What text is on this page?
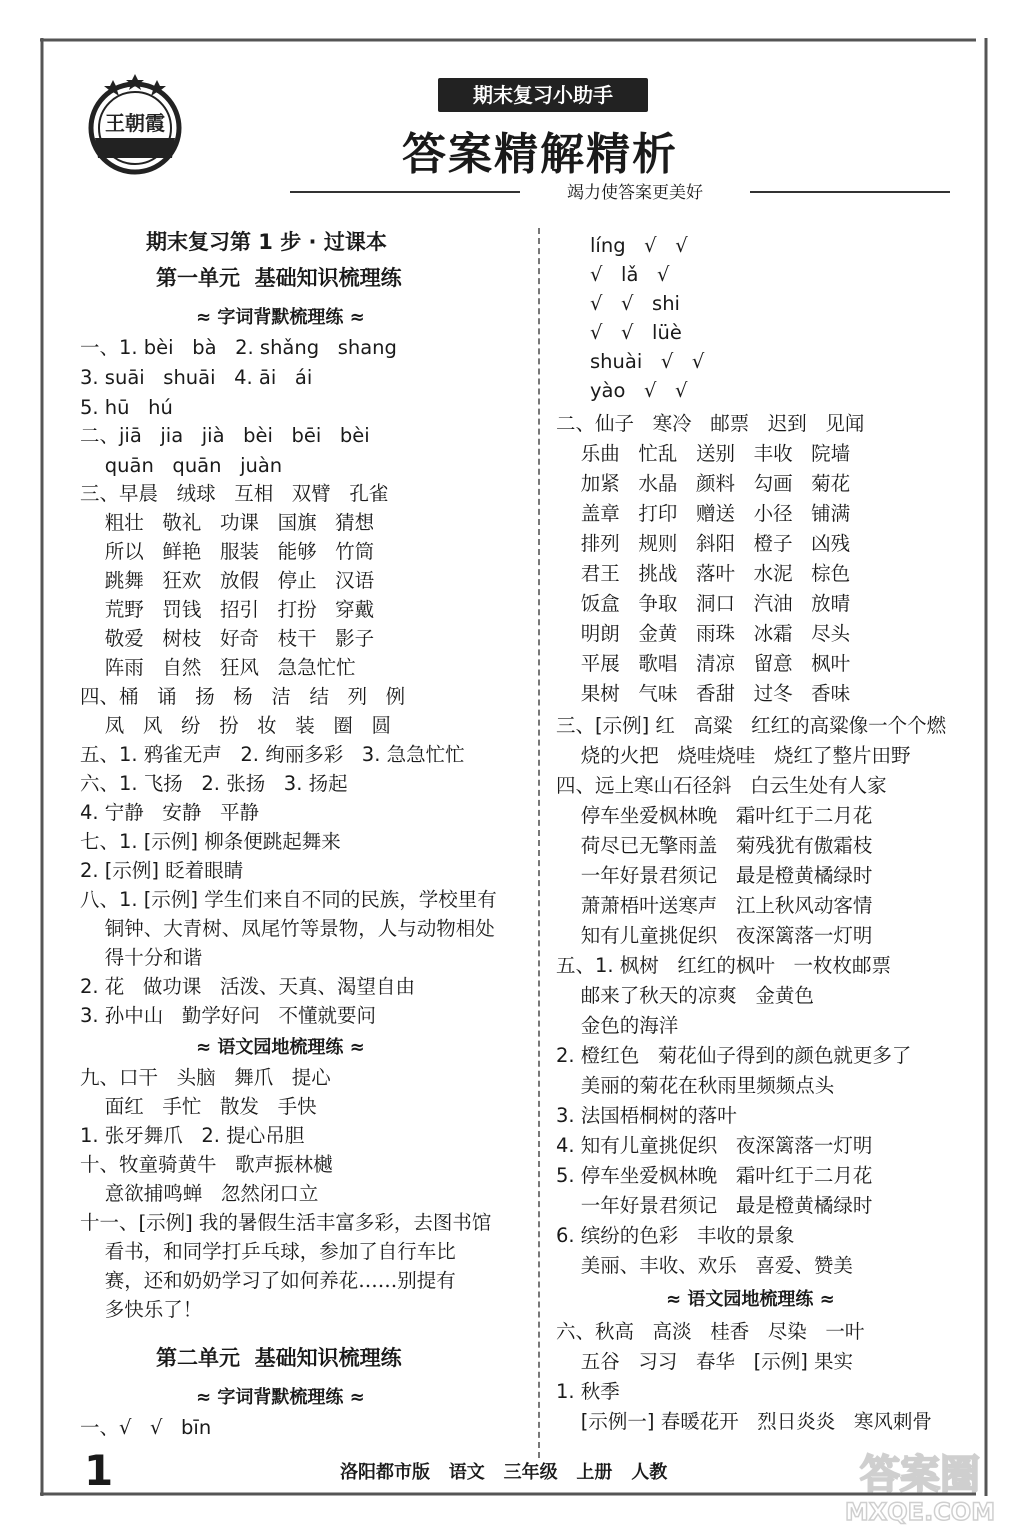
王朝霞
期末复习小助手
答案精解精析
竭力使答案更美好
期末复习第 1 步 · 过课本
第一单元  基础知识梳理练
≈ 字词背默梳理练 ≈
一、1. bèi   bà   2. shǎng   shang
3. suāi   shuāi   4. āi   ái
5. hū   hú
二、jiā   jia   jià   bèi   bēi   bèi
quān   quān   juàn
三、早晨   绒球   互相   双臂   孔雀
粗壮   敬礼   功课   国旗   猜想
所以   鲜艳   服装   能够   竹筒
跳舞   狂欢   放假   停止   汉语
荒野   罚钱   招引   打扮   穿戴
敬爱   树枝   好奇   枝干   影子
阵雨   自然   狂风   急急忙忙
四、桶   诵   扬   杨   洁   结   列   例
凤   风   纷   扮   妆   装   圈   圆
五、1. 鸦雀无声   2. 绚丽多彩   3. 急急忙忙
六、1. 飞扬   2. 张扬   3. 扬起
4. 宁静   安静   平静
七、1. [示例] 柳条便跳起舞来
2. [示例] 眨着眼睛
八、1. [示例] 学生们来自不同的民族，学校里有
铜钟、大青树、凤尾竹等景物，人与动物相处
得十分和谐
2. 花   做功课   活泼、天真、渴望自由
3. 孙中山   勤学好问   不懂就要问
≈ 语文园地梳理练 ≈
九、口干   头脑   舞爪   提心
面红   手忙   散发   手快
1. 张牙舞爪   2. 提心吊胆
十、牧童骑黄牛   歌声振林樾
意欲捕鸣蝉   忽然闭口立
十一、[示例] 我的暑假生活丰富多彩，去图书馆
看书，和同学打乒乓球，参加了自行车比
赛，还和奶奶学习了如何养花……别提有
多快乐了！
第二单元  基础知识梳理练
≈ 字词背默梳理练 ≈
一、√   √   bīn
líng   √   √
√   lǎ   √
√   √   shi
√   √   lüè
shuài   √   √
yào   √   √
二、仙子   寒冷   邮票   迟到   见闻
乐曲   忙乱   送别   丰收   院墙
加紧   水晶   颜料   勾画   菊花
盖章   打印   赠送   小径   铺满
排列   规则   斜阳   橙子   凶残
君王   挑战   落叶   水泥   棕色
饭盒   争取   洞口   汽油   放晴
明朗   金黄   雨珠   冰霜   尽头
平展   歌唱   清凉   留意   枫叶
果树   气味   香甜   过冬   香味
三、[示例] 红   高粱   红红的高粱像一个个燃
烧的火把   烧哇烧哇   烧红了整片田野
四、远上寒山石径斜   白云生处有人家
停车坐爱枫林晚   霜叶红于二月花
荷尽已无擎雨盖   菊残犹有傲霜枝
一年好景君须记   最是橙黄橘绿时
萧萧梧叶送寒声   江上秋风动客情
知有儿童挑促织   夜深篱落一灯明
五、1. 枫树   红红的枫叶   一枚枚邮票
邮来了秋天的凉爽   金黄色
金色的海洋
2. 橙红色   菊花仙子得到的颜色就更多了
美丽的菊花在秋雨里频频点头
3. 法国梧桐树的落叶
4. 知有儿童挑促织   夜深篱落一灯明
5. 停车坐爱枫林晚   霜叶红于二月花
一年好景君须记   最是橙黄橘绿时
6. 缤纷的色彩   丰收的景象
美丽、丰收、欢乐   喜爱、赞美
≈ 语文园地梳理练 ≈
六、秋高   高淡   桂香   尽染   一叶
五谷   习习   春华   [示例] 果实
1. 秋季
[示例一] 春暖花开   烈日炎炎   寒风刺骨
1	洛阳都市版   语文   三年级   上册   人教	答案圈
MXQE.COM
